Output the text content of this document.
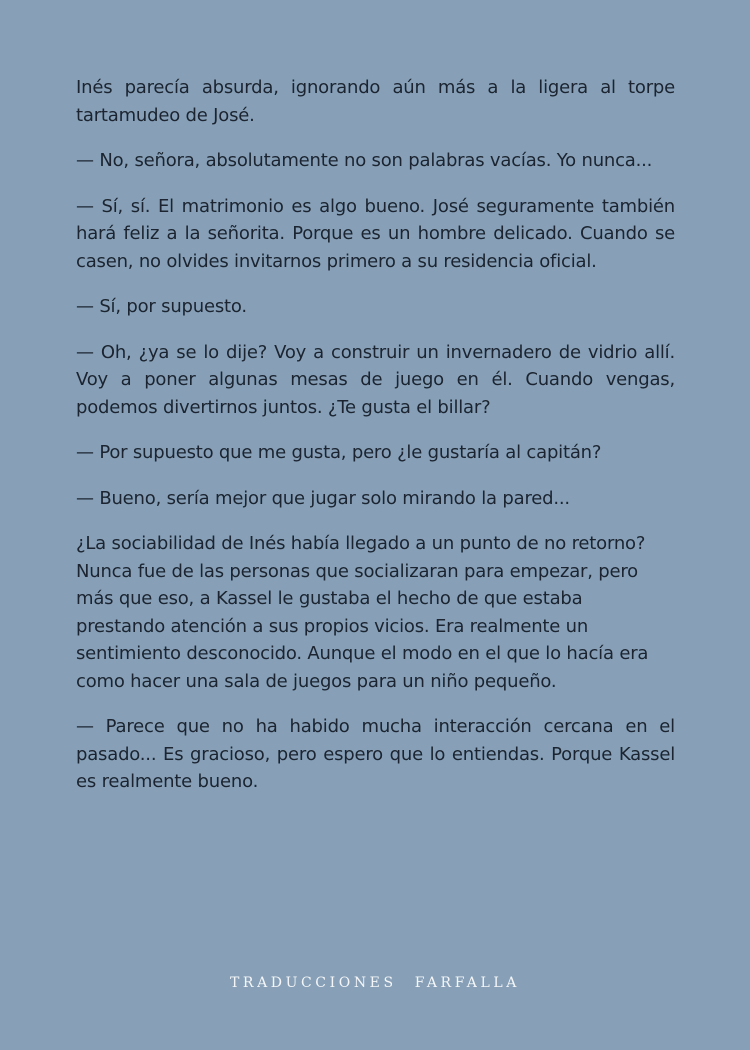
Inés parecía absurda, ignorando aún más a la ligera al torpe tartamudeo de José.

— No, señora, absolutamente no son palabras vacías. Yo nunca...

— Sí, sí. El matrimonio es algo bueno. José seguramente también hará feliz a la señorita. Porque es un hombre delicado. Cuando se casen, no olvides invitarnos primero a su residencia oficial.

— Sí, por supuesto.

— Oh, ¿ya se lo dije? Voy a construir un invernadero de vidrio allí. Voy a poner algunas mesas de juego en él. Cuando vengas, podemos divertirnos juntos. ¿Te gusta el billar?

— Por supuesto que me gusta, pero ¿le gustaría al capitán?

— Bueno, sería mejor que jugar solo mirando la pared...

¿La sociabilidad de Inés había llegado a un punto de no retorno? Nunca fue de las personas que socializaran para empezar, pero más que eso, a Kassel le gustaba el hecho de que estaba prestando atención a sus propios vicios. Era realmente un sentimiento desconocido. Aunque el modo en el que lo hacía era como hacer una sala de juegos para un niño pequeño.

— Parece que no ha habido mucha interacción cercana en el pasado... Es gracioso, pero espero que lo entiendas. Porque Kassel es realmente bueno.

TRADUCCIONES FARFALLA
